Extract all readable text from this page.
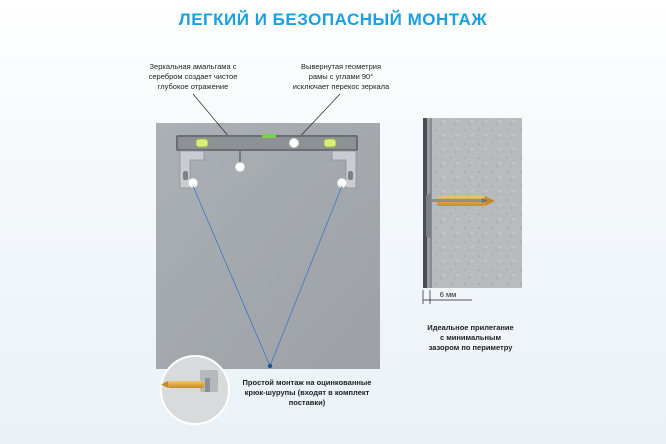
ЛЕГКИЙ И БЕЗОПАСНЫЙ МОНТАЖ
Зеркальная амальгама с
серебром создает чистое
глубокое отражение
Вывернутая геометрия
рамы с углами 90°
исключает перекос зеркала
Идеальное прилегание
с минимальным
зазором по периметру
Простой монтаж на оцинкованные
крюк-шурупы (входят в комплект
поставки)
6 мм
